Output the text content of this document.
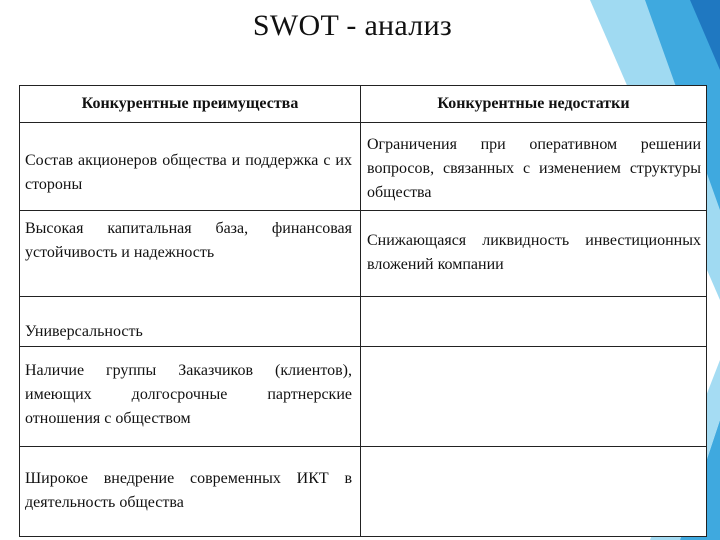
SWOT - анализ
Конкурентные преимущества	Конкурентные недостатки

Состав акционеров общества и поддержка с их стороны	Ограничения при оперативном решении вопросов, связанных с изменением структуры общества

Высокая капитальная база, финансовая устойчивость и надежность	Снижающаяся ликвидность инвестиционных вложений компании

Универсальность	

Наличие группы Заказчиков (клиентов), имеющих долгосрочные партнерские отношения с обществом	

Широкое внедрение современных ИКТ в деятельность общества	
